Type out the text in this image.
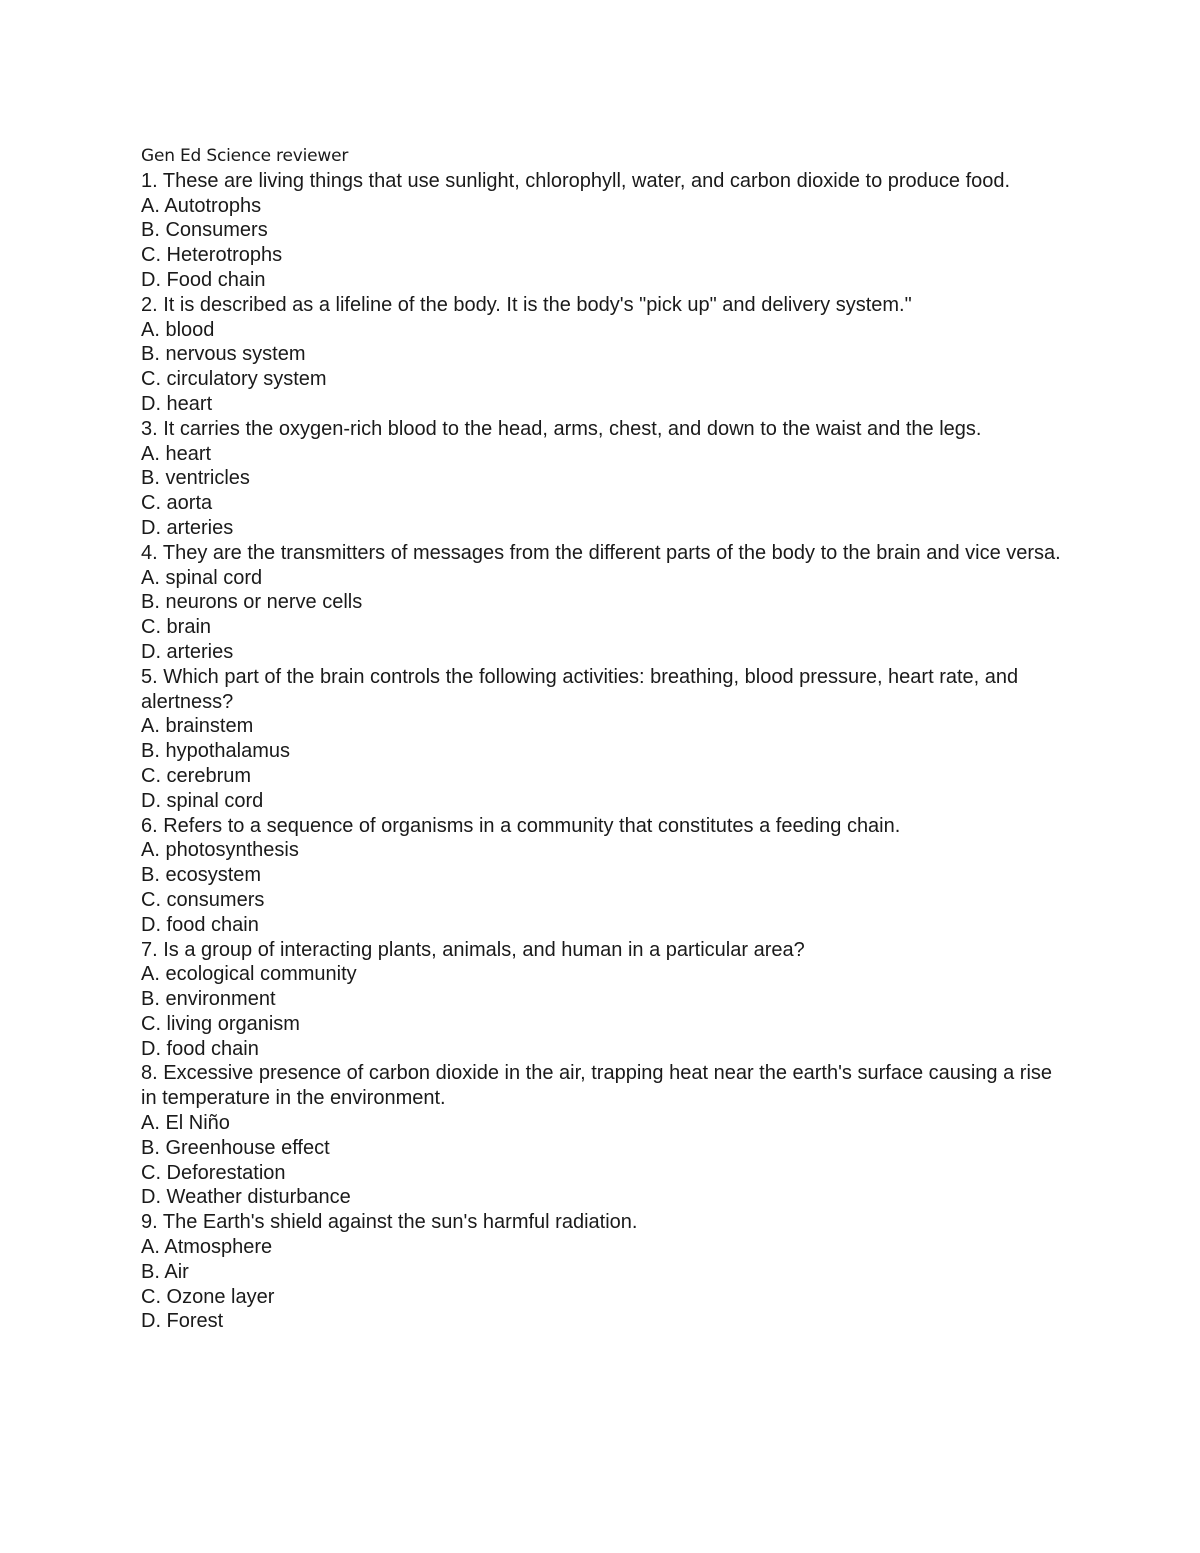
Gen Ed Science reviewer
1. These are living things that use sunlight, chlorophyll, water, and carbon dioxide to produce food.
A. Autotrophs
B. Consumers
C. Heterotrophs
D. Food chain
2. It is described as a lifeline of the body. It is the body's "pick up" and delivery system."
A. blood
B. nervous system
C. circulatory system
D. heart
3. It carries the oxygen-rich blood to the head, arms, chest, and down to the waist and the legs.
A. heart
B. ventricles
C. aorta
D. arteries
4. They are the transmitters of messages from the different parts of the body to the brain and vice versa.
A. spinal cord
B. neurons or nerve cells
C. brain
D. arteries
5. Which part of the brain controls the following activities: breathing, blood pressure, heart rate, and alertness?
A. brainstem
B. hypothalamus
C. cerebrum
D. spinal cord
6. Refers to a sequence of organisms in a community that constitutes a feeding chain.
A. photosynthesis
B. ecosystem
C. consumers
D. food chain
7. Is a group of interacting plants, animals, and human in a particular area?
A. ecological community
B. environment
C. living organism
D. food chain
8. Excessive presence of carbon dioxide in the air, trapping heat near the earth's surface causing a rise in temperature in the environment.
A. El Niño
B. Greenhouse effect
C. Deforestation
D. Weather disturbance
9. The Earth's shield against the sun's harmful radiation.
A. Atmosphere
B. Air
C. Ozone layer
D. Forest
